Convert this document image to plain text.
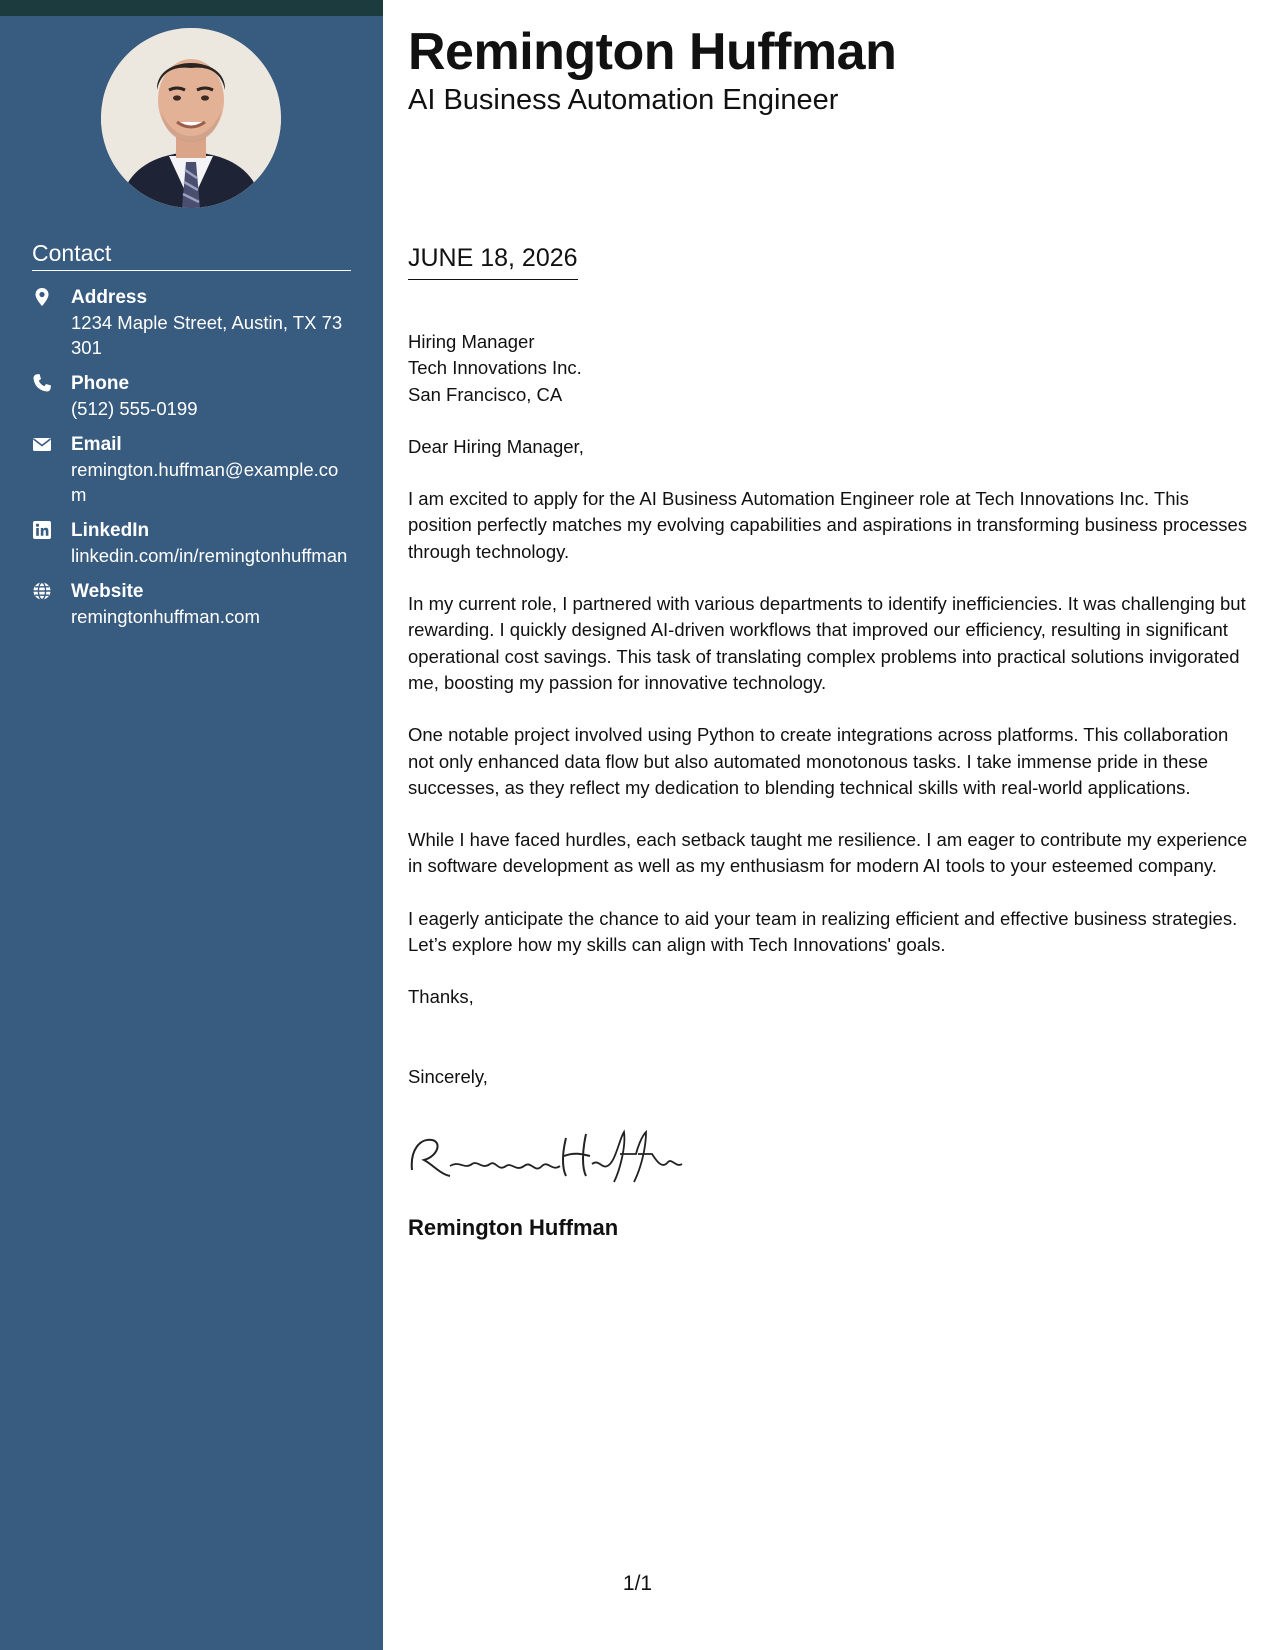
Contact
Address
1234 Maple Street, Austin, TX 73301
Phone
(512) 555-0199
Email
remington.huffman@example.com
LinkedIn
linkedin.com/in/remingtonhuffman
Website
remingtonhuffman.com
Remington Huffman
AI Business Automation Engineer
JUNE 18, 2026

Hiring Manager
Tech Innovations Inc.
San Francisco, CA

Dear Hiring Manager,

I am excited to apply for the AI Business Automation Engineer role at Tech Innovations Inc. This position perfectly matches my evolving capabilities and aspirations in transforming business processes through technology.

In my current role, I partnered with various departments to identify inefficiencies. It was challenging but rewarding. I quickly designed AI-driven workflows that improved our efficiency, resulting in significant operational cost savings. This task of translating complex problems into practical solutions invigorated me, boosting my passion for innovative technology.

One notable project involved using Python to create integrations across platforms. This collaboration not only enhanced data flow but also automated monotonous tasks. I take immense pride in these successes, as they reflect my dedication to blending technical skills with real-world applications.

While I have faced hurdles, each setback taught me resilience. I am eager to contribute my experience in software development as well as my enthusiasm for modern AI tools to your esteemed company.

I eagerly anticipate the chance to aid your team in realizing efficient and effective business strategies. Let’s explore how my skills can align with Tech Innovations' goals.

Thanks,

Sincerely,

Remington Huffman
1/1
